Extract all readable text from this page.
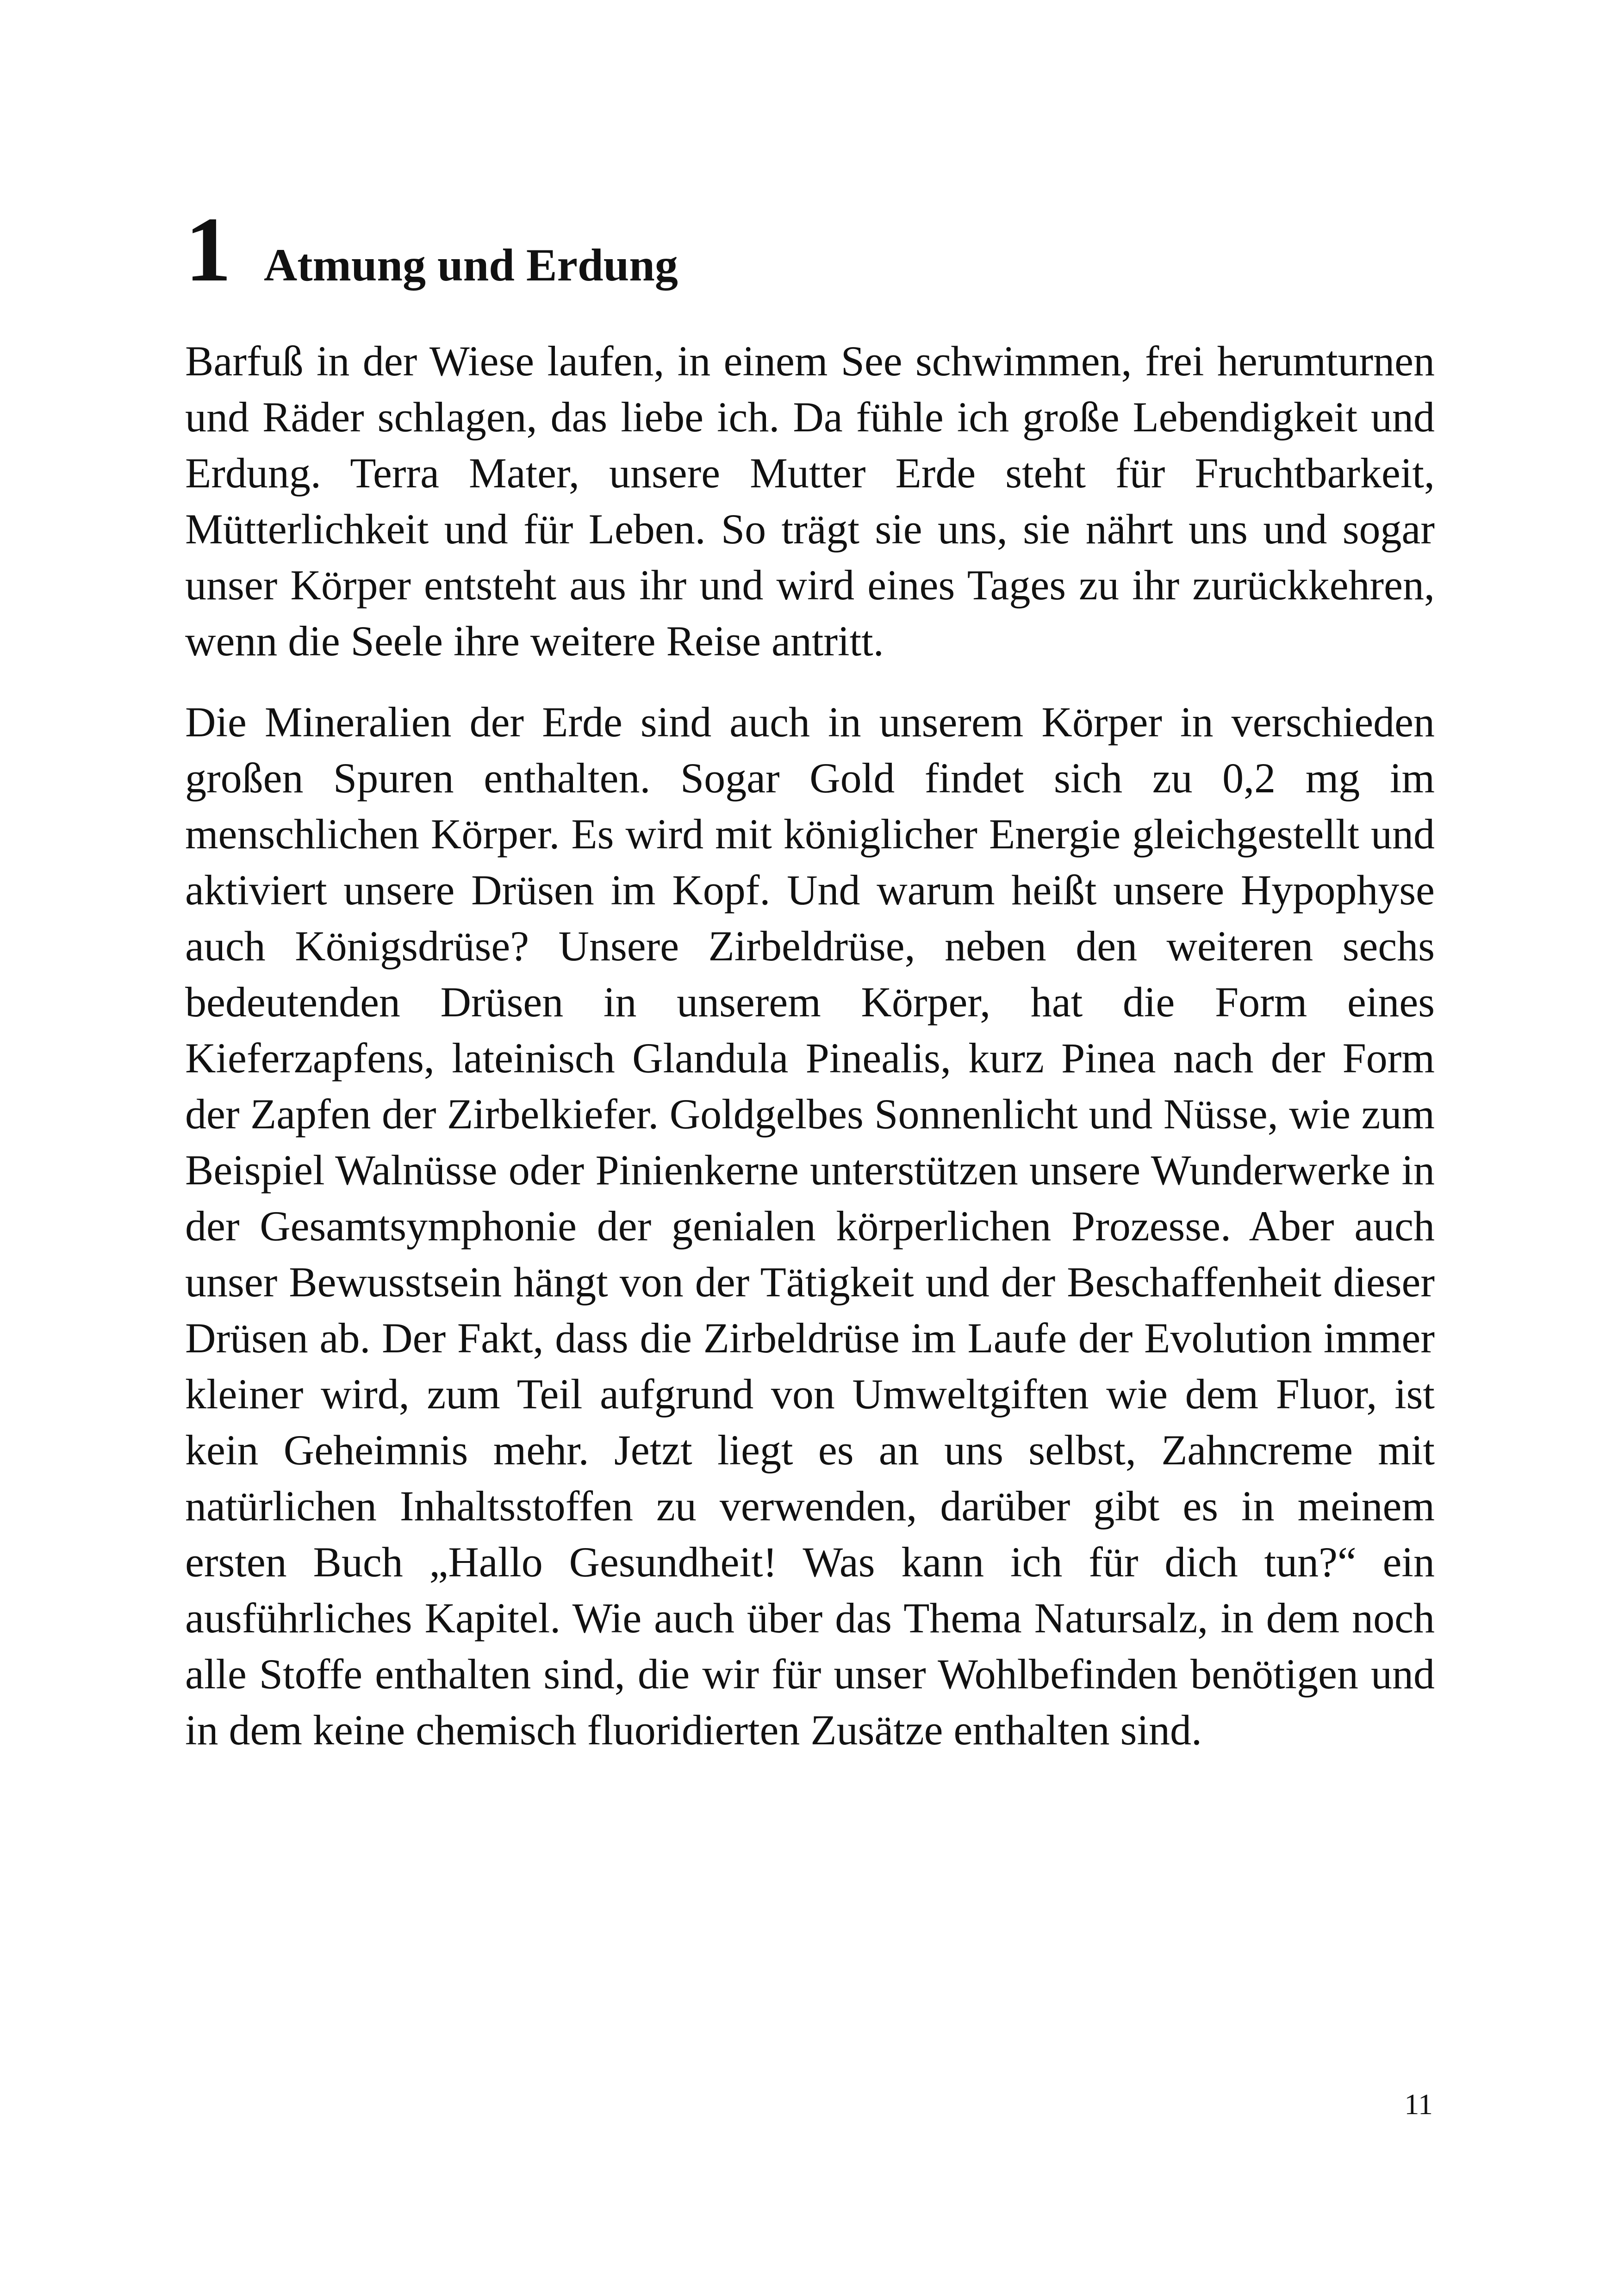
1 Atmung und Erdung

Barfuß in der Wiese laufen, in einem See schwimmen, frei herumturnen und Räder schlagen, das liebe ich. Da fühle ich große Lebendigkeit und Erdung. Terra Mater, unsere Mutter Erde steht für Fruchtbarkeit, Mütterlichkeit und für Leben. So trägt sie uns, sie nährt uns und sogar unser Körper entsteht aus ihr und wird eines Tages zu ihr zurückkehren, wenn die Seele ihre weitere Reise antritt.

Die Mineralien der Erde sind auch in unserem Körper in verschieden großen Spuren enthalten. Sogar Gold findet sich zu 0,2 mg im menschlichen Körper. Es wird mit königlicher Energie gleichgestellt und aktiviert unsere Drüsen im Kopf. Und warum heißt unsere Hypophyse auch Königsdrüse? Unsere Zirbeldrüse, neben den weiteren sechs bedeutenden Drüsen in unserem Körper, hat die Form eines Kieferzapfens, lateinisch Glandula Pinealis, kurz Pinea nach der Form der Zapfen der Zirbelkiefer. Goldgelbes Sonnenlicht und Nüsse, wie zum Beispiel Walnüsse oder Pinienkerne unterstützen unsere Wunderwerke in der Gesamtsymphonie der genialen körperlichen Prozesse. Aber auch unser Bewusstsein hängt von der Tätigkeit und der Beschaffenheit dieser Drüsen ab. Der Fakt, dass die Zirbeldrüse im Laufe der Evolution immer kleiner wird, zum Teil aufgrund von Umweltgiften wie dem Fluor, ist kein Geheimnis mehr. Jetzt liegt es an uns selbst, Zahncreme mit natürlichen Inhaltsstoffen zu verwenden, darüber gibt es in meinem ersten Buch „Hallo Gesundheit! Was kann ich für dich tun?“ ein ausführliches Kapitel. Wie auch über das Thema Natursalz, in dem noch alle Stoffe enthalten sind, die wir für unser Wohlbefinden benötigen und in dem keine chemisch fluoridierten Zusätze enthalten sind.

11
